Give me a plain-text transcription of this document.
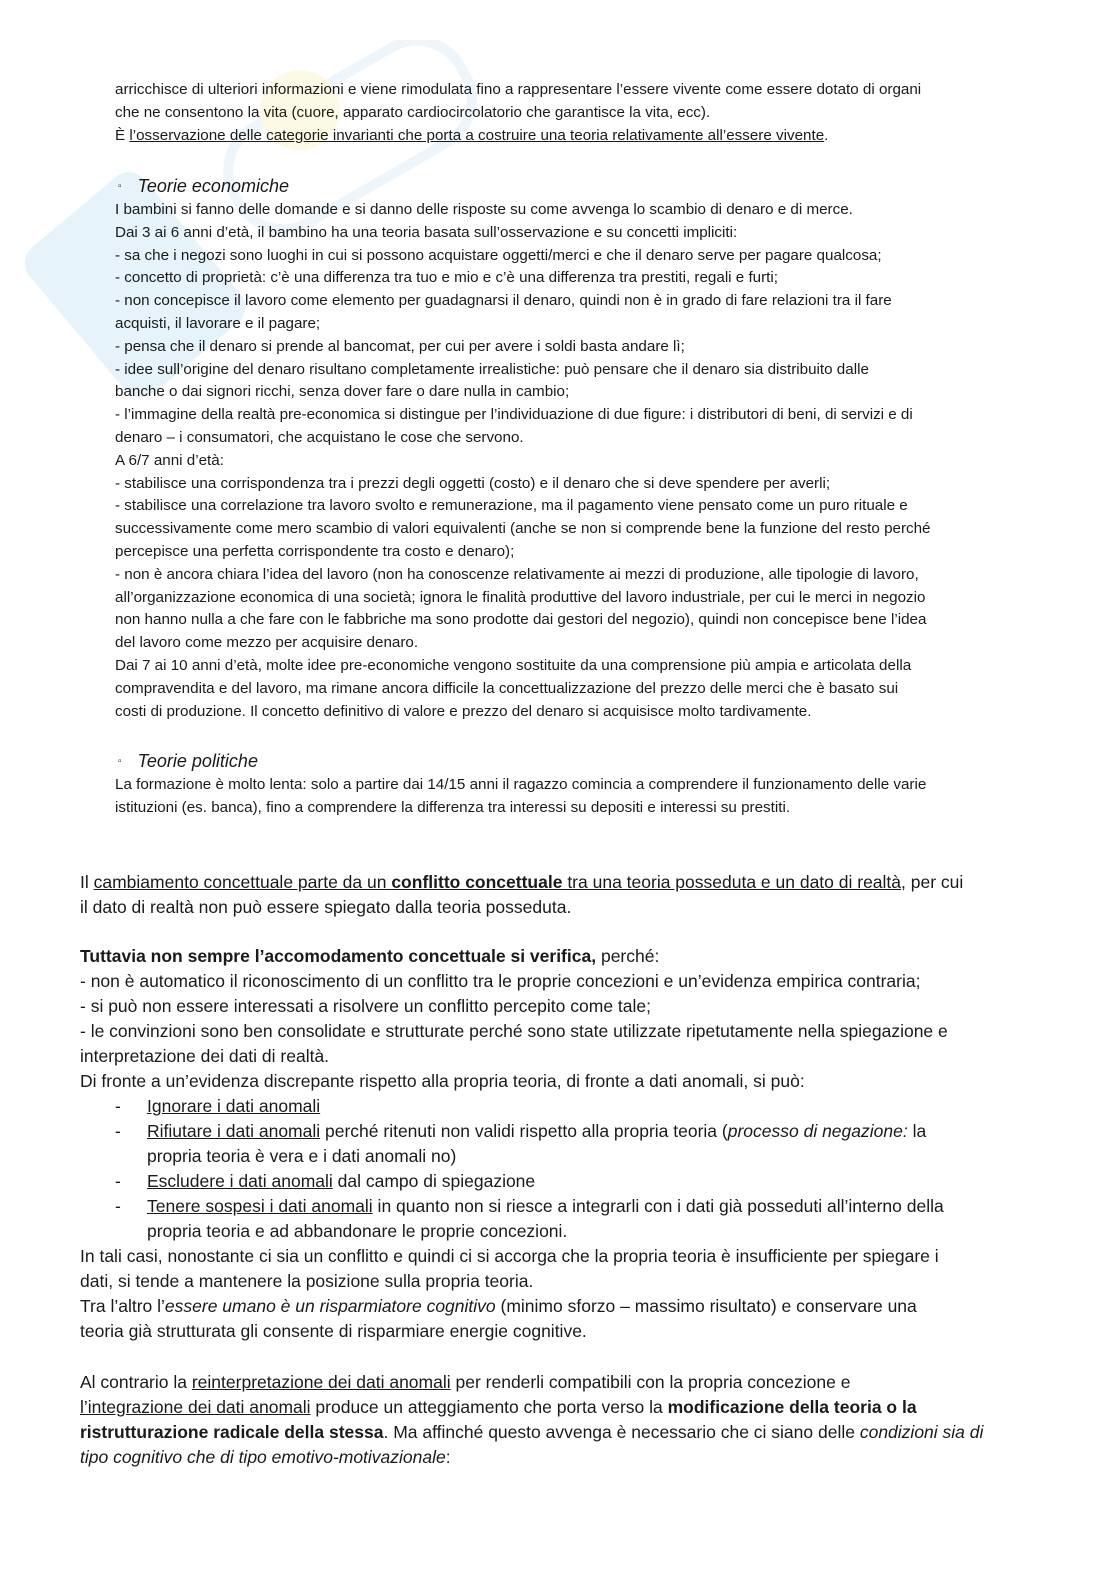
arricchisce di ulteriori informazioni e viene rimodulata fino a rappresentare l’essere vivente come essere dotato di organi

che ne consentono la vita (cuore, apparato cardiocircolatorio che garantisce la vita, ecc).

È l’osservazione delle categorie invarianti che porta a costruire una teoria relativamente all’essere vivente.

▫ Teorie economiche

I bambini si fanno delle domande e si danno delle risposte su come avvenga lo scambio di denaro e di merce.

Dai 3 ai 6 anni d’età, il bambino ha una teoria basata sull’osservazione e su concetti impliciti:

- sa che i negozi sono luoghi in cui si possono acquistare oggetti/merci e che il denaro serve per pagare qualcosa;

- concetto di proprietà: c’è una differenza tra tuo e mio e c’è una differenza tra prestiti, regali e furti;

- non concepisce il lavoro come elemento per guadagnarsi il denaro, quindi non è in grado di fare relazioni tra il fare

acquisti, il lavorare e il pagare;

- pensa che il denaro si prende al bancomat, per cui per avere i soldi basta andare lì;

- idee sull’origine del denaro risultano completamente irrealistiche: può pensare che il denaro sia distribuito dalle

banche o dai signori ricchi, senza dover fare o dare nulla in cambio;

- l’immagine della realtà pre-economica si distingue per l’individuazione di due figure: i distributori di beni, di servizi e di

denaro – i consumatori, che acquistano le cose che servono.

A 6/7 anni d’età:

- stabilisce una corrispondenza tra i prezzi degli oggetti (costo) e il denaro che si deve spendere per averli;

- stabilisce una correlazione tra lavoro svolto e remunerazione, ma il pagamento viene pensato come un puro rituale e

successivamente come mero scambio di valori equivalenti (anche se non si comprende bene la funzione del resto perché

percepisce una perfetta corrispondente tra costo e denaro);

- non è ancora chiara l’idea del lavoro (non ha conoscenze relativamente ai mezzi di produzione, alle tipologie di lavoro,

all’organizzazione economica di una società; ignora le finalità produttive del lavoro industriale, per cui le merci in negozio

non hanno nulla a che fare con le fabbriche ma sono prodotte dai gestori del negozio), quindi non concepisce bene l’idea

del lavoro come mezzo per acquisire denaro.

Dai 7 ai 10 anni d’età, molte idee pre-economiche vengono sostituite da una comprensione più ampia e articolata della

compravendita e del lavoro, ma rimane ancora difficile la concettualizzazione del prezzo delle merci che è basato sui

costi di produzione. Il concetto definitivo di valore e prezzo del denaro si acquisisce molto tardivamente.

▫ Teorie politiche

La formazione è molto lenta: solo a partire dai 14/15 anni il ragazzo comincia a comprendere il funzionamento delle varie

istituzioni (es. banca), fino a comprendere la differenza tra interessi su depositi e interessi su prestiti.

Il cambiamento concettuale parte da un conflitto concettuale tra una teoria posseduta e un dato di realtà, per cui

il dato di realtà non può essere spiegato dalla teoria posseduta.

Tuttavia non sempre l’accomodamento concettuale si verifica, perché:

- non è automatico il riconoscimento di un conflitto tra le proprie concezioni e un’evidenza empirica contraria;

- si può non essere interessati a risolvere un conflitto percepito come tale;

- le convinzioni sono ben consolidate e strutturate perché sono state utilizzate ripetutamente nella spiegazione e

interpretazione dei dati di realtà.

Di fronte a un’evidenza discrepante rispetto alla propria teoria, di fronte a dati anomali, si può:

- Ignorare i dati anomali
- Rifiutare i dati anomali perché ritenuti non validi rispetto alla propria teoria (processo di negazione: la
propria teoria è vera e i dati anomali no)
- Escludere i dati anomali dal campo di spiegazione
- Tenere sospesi i dati anomali in quanto non si riesce a integrarli con i dati già posseduti all’interno della
propria teoria e ad abbandonare le proprie concezioni.

In tali casi, nonostante ci sia un conflitto e quindi ci si accorga che la propria teoria è insufficiente per spiegare i

dati, si tende a mantenere la posizione sulla propria teoria.

Tra l’altro l’essere umano è un risparmiatore cognitivo (minimo sforzo – massimo risultato) e conservare una

teoria già strutturata gli consente di risparmiare energie cognitive.

Al contrario la reinterpretazione dei dati anomali per renderli compatibili con la propria concezione e

l’integrazione dei dati anomali produce un atteggiamento che porta verso la modificazione della teoria o la

ristrutturazione radicale della stessa. Ma affinché questo avvenga è necessario che ci siano delle condizioni sia di

tipo cognitivo che di tipo emotivo-motivazionale:
